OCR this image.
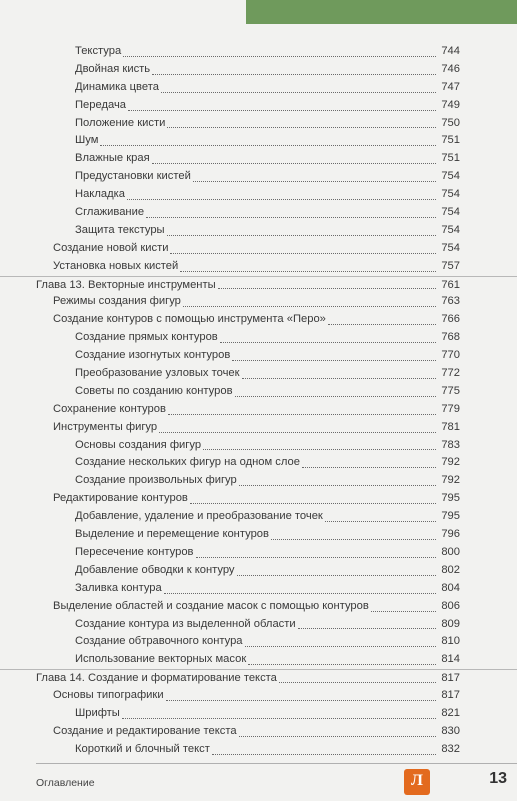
Текстура	744
Двойная кисть	746
Динамика цвета	747
Передача	749
Положение кисти	750
Шум	751
Влажные края	751
Предустановки кистей	754
Накладка	754
Сглаживание	754
Защита текстуры	754
Создание новой кисти	754
Установка новых кистей	757
Глава 13. Векторные инструменты	761
Режимы создания фигур	763
Создание контуров с помощью инструмента «Перо»	766
Создание прямых контуров	768
Создание изогнутых контуров	770
Преобразование узловых точек	772
Советы по созданию контуров	775
Сохранение контуров	779
Инструменты фигур	781
Основы создания фигур	783
Создание нескольких фигур на одном слое	792
Создание произвольных фигур	792
Редактирование контуров	795
Добавление, удаление и преобразование точек	795
Выделение и перемещение контуров	796
Пересечение контуров	800
Добавление обводки к контуру	802
Заливка контура	804
Выделение областей и создание масок с помощью контуров	806
Создание контура из выделенной области	809
Создание обтравочного контура	810
Использование векторных масок	814
Глава 14. Создание и форматирование текста	817
Основы типографики	817
Шрифты	821
Создание и редактирование текста	830
Короткий и блочный текст	832
Оглавление	Л	13
